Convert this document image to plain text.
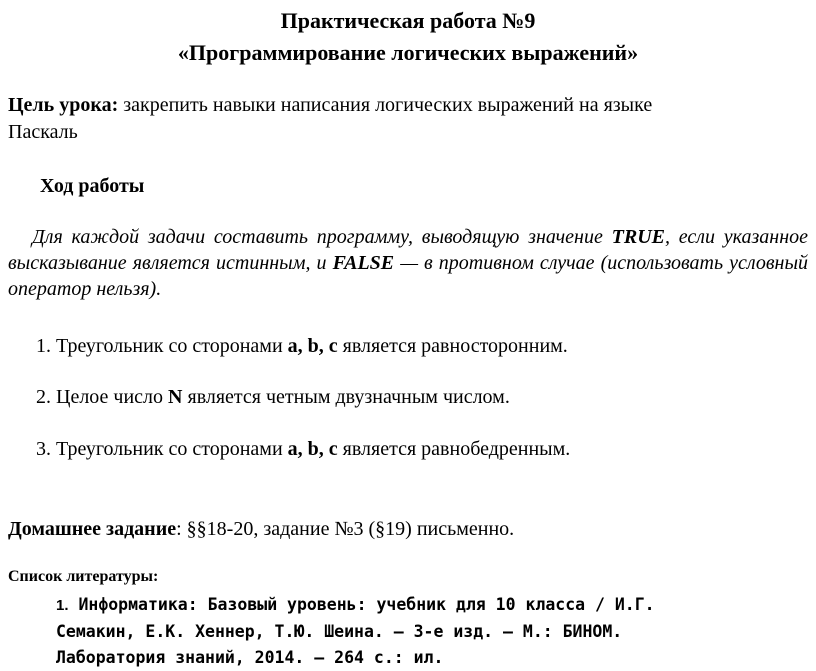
Практическая работа №9
«Программирование логических выражений»
Цель урока: закрепить навыки написания логических выражений на языке
Паскаль
Ход работы
Для каждой задачи составить программу, выводящую значение TRUE, если указанное высказывание является истинным, и FALSE — в противном случае (использовать условный оператор нельзя).
1. Треугольник со сторонами a, b, c является равносторонним.
2. Целое число N является четным двузначным числом.
3. Треугольник со сторонами a, b, c является равнобедренным.
Домашнее задание: §§18-20, задание №3 (§19) письменно.
Список литературы:
1. Информатика: Базовый уровень: учебник для 10 класса / И.Г.
Семакин, Е.К. Хеннер, Т.Ю. Шеина. – 3-е изд. – М.: БИНОМ.
Лаборатория знаний, 2014. – 264 с.: ил.
